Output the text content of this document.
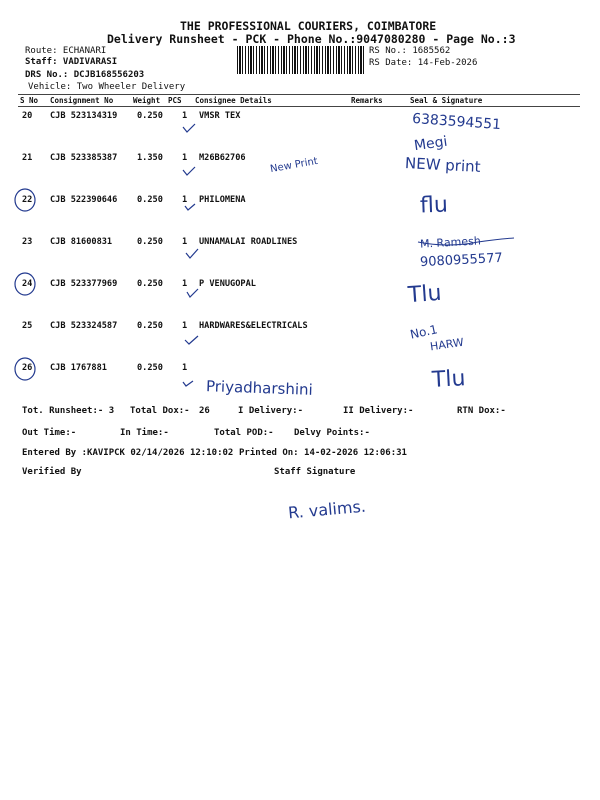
THE PROFESSIONAL COURIERS, COIMBATORE
Delivery Runsheet - PCK - Phone No.:9047080280 - Page No.:3
Route: ECHANARI
Staff: VADIVARASI
DRS No.: DCJB168556203
Vehicle: Two Wheeler Delivery
RS No.: 1685562
RS Date: 14-Feb-2026
S No Consignment No	Weight PCS Consignee Details	Remarks	Seal & Signature
20 CJB 523134319 0.250 1 VMSR TEX
21 CJB 523385387 1.350 1 M26B62706
22 CJB 522390646 0.250 1 PHILOMENA
23 CJB 81600831	0.250 1 UNNAMALAI ROADLINES
24 CJB 523377969 0.250 1 P VENUGOPAL
25 CJB 523324587 0.250 1 HARDWARES&ELECTRICALS
26 CJB 1767881	0.250 1
Tot. Runsheet:- 3 Total Dox:- 26	I Delivery:-	II Delivery:-	RTN Dox:-
Out Time:-	In Time:-	Total POD:- Delvy Points:-
Entered By :KAVIPCK 02/14/2026 12:10:02 Printed On: 14-02-2026 12:06:31
Verified By	Staff Signature
6383594551
Megi
NEW print
New Print
flu
M. Ramesh
9080955577
Tlu
No.1
HARW
Priyadharshini	Tlu
R. valims.
